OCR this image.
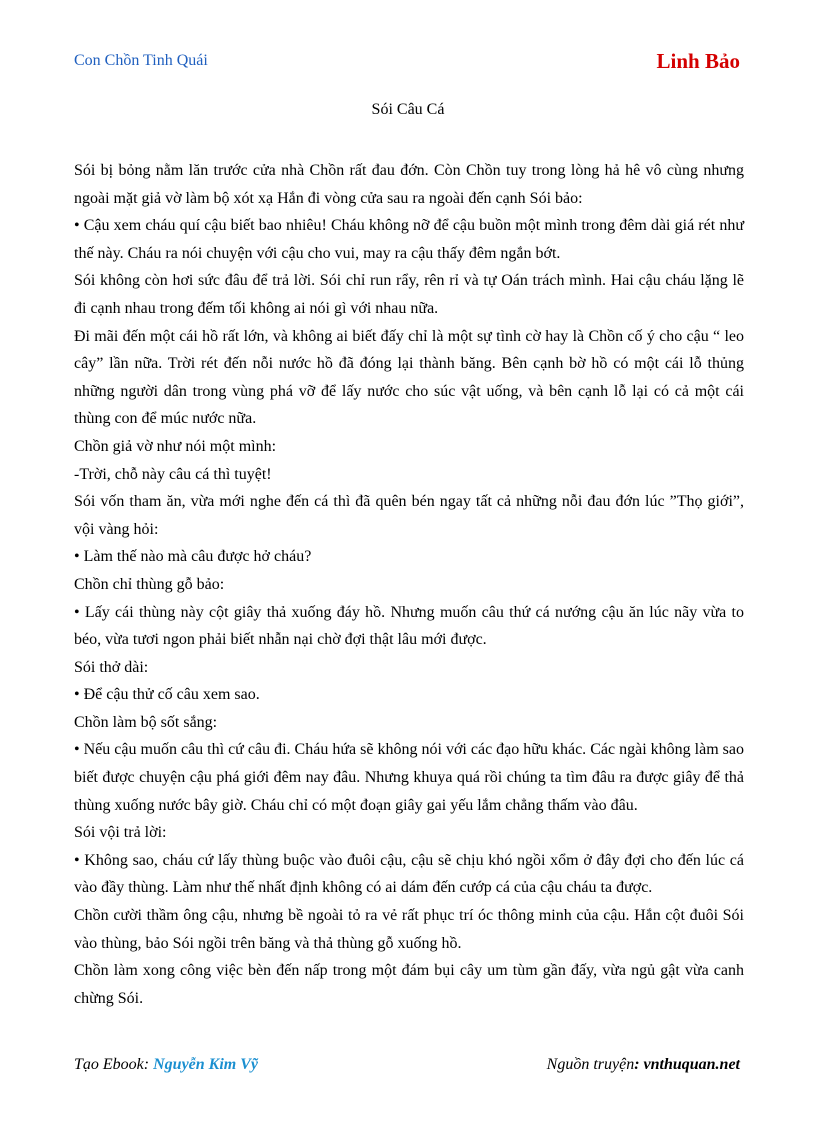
Con Chồn Tinh Quái	Linh Bảo
Sói Câu Cá

Sói bị bỏng nằm lăn trước cửa nhà Chồn rất đau đớn. Còn Chồn tuy trong lòng hả hê vô cùng nhưng ngoài mặt giả vờ làm bộ xót xạ Hắn đi vòng cửa sau ra ngoài đến cạnh Sói bảo:

• Cậu xem cháu quí cậu biết bao nhiêu! Cháu không nỡ để cậu buồn một mình trong đêm dài giá rét như thế này. Cháu ra nói chuyện với cậu cho vui, may ra cậu thấy đêm ngắn bớt.

Sói không còn hơi sức đâu để trả lời. Sói chỉ run rẩy, rên rỉ và tự Oán trách mình. Hai cậu cháu lặng lẽ đi cạnh nhau trong đếm tối không ai nói gì với nhau nữa.

Đi mãi đến một cái hồ rất lớn, và không ai biết đấy chỉ là một sự tình cờ hay là Chồn cố ý cho cậu “ leo cây” lần nữa. Trời rét đến nỗi nước hồ đã đóng lại thành băng. Bên cạnh bờ hồ có một cái lỗ thủng những người dân trong vùng phá vỡ để lấy nước cho súc vật uống, và bên cạnh lỗ lại có cả một cái thùng con để múc nước nữa.

Chồn giả vờ như nói một mình:

-Trời, chỗ này câu cá thì tuyệt!

Sói vốn tham ăn, vừa mới nghe đến cá thì đã quên bén ngay tất cả những nỗi đau đớn lúc ”Thọ giới”, vội vàng hỏi:

• Làm thế nào mà câu được hở cháu?

Chồn chỉ thùng gỗ bảo:

• Lấy cái thùng này cột giây thả xuống đáy hồ. Nhưng muốn câu thứ cá nướng cậu ăn lúc nãy vừa to béo, vừa tươi ngon phải biết nhẫn nại chờ đợi thật lâu mới được.

Sói thở dài:

• Để cậu thử cố câu xem sao.

Chồn làm bộ sốt sắng:

• Nếu cậu muốn câu thì cứ câu đi. Cháu hứa sẽ không nói với các đạo hữu khác. Các ngài không làm sao biết được chuyện cậu phá giới đêm nay đâu. Nhưng khuya quá rồi chúng ta tìm đâu ra được giây để thả thùng xuống nước bây giờ. Cháu chỉ có một đoạn giây gai yếu lắm chẳng thấm vào đâu.

Sói vội trả lời:

• Không sao, cháu cứ lấy thùng buộc vào đuôi cậu, cậu sẽ chịu khó ngồi xổm ở đây đợi cho đến lúc cá vào đầy thùng. Làm như thế nhất định không có ai dám đến cướp cá của cậu cháu ta được.

Chồn cười thầm ông cậu, nhưng bề ngoài tỏ ra vẻ rất phục trí óc thông minh của cậu. Hắn cột đuôi Sói vào thùng, bảo Sói ngồi trên băng và thả thùng gỗ xuống hồ.

Chồn làm xong công việc bèn đến nấp trong một đám bụi cây um tùm gần đấy, vừa ngủ gật vừa canh chừng Sói.

Tạo Ebook: Nguyễn Kim Vỹ	Nguồn truyện: vnthuquan.net
